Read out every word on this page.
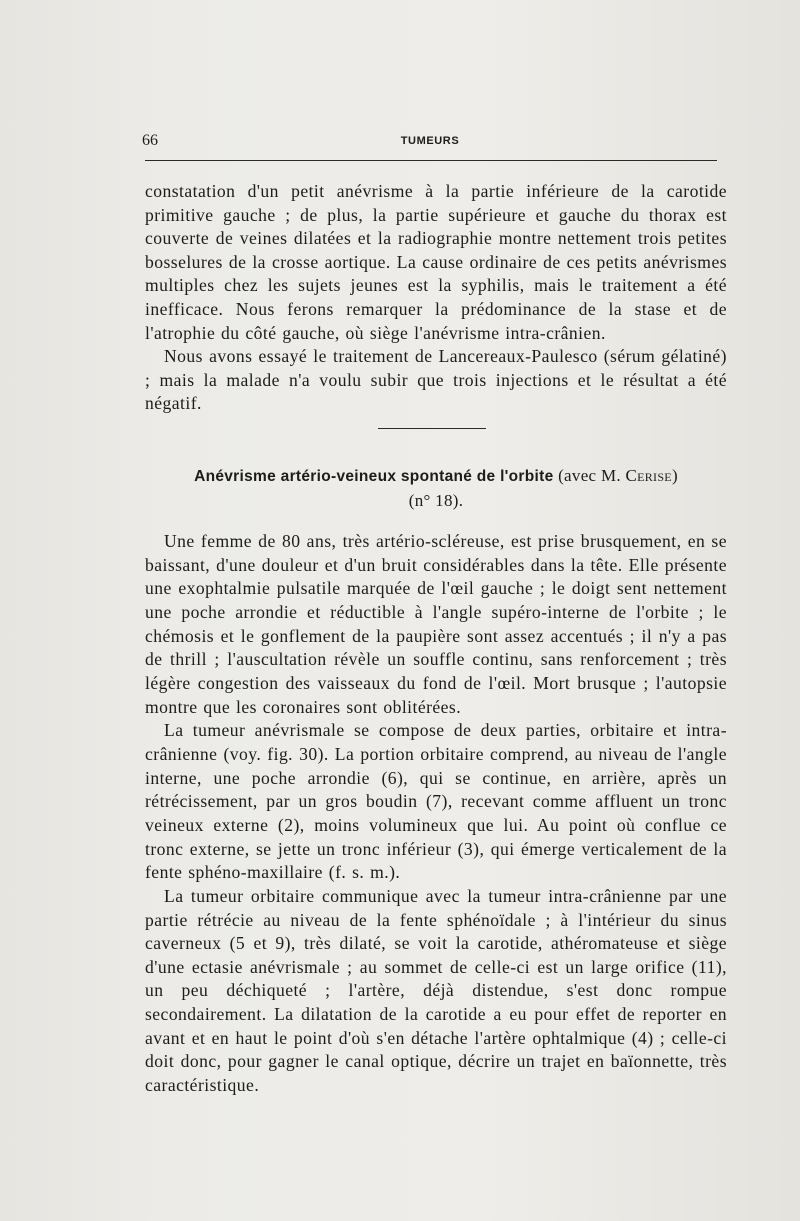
66	TUMEURS

constatation d'un petit anévrisme à la partie inférieure de la carotide primitive gauche ; de plus, la partie supérieure et gauche du thorax est couverte de veines dilatées et la radiographie montre nettement trois petites bosselures de la crosse aortique. La cause ordinaire de ces petits anévrismes multiples chez les sujets jeunes est la syphilis, mais le traitement a été inefficace. Nous ferons remarquer la prédominance de la stase et de l'atrophie du côté gauche, où siège l'anévrisme intra-crânien.

Nous avons essayé le traitement de Lancereaux-Paulesco (sérum gélatiné) ; mais la malade n'a voulu subir que trois injections et le résultat a été négatif.

Anévrisme artério-veineux spontané de l'orbite (avec M. Cerise)
(n° 18).

Une femme de 80 ans, très artério-scléreuse, est prise brusquement, en se baissant, d'une douleur et d'un bruit considérables dans la tête. Elle présente une exophtalmie pulsatile marquée de l'œil gauche ; le doigt sent nettement une poche arrondie et réductible à l'angle supéro-interne de l'orbite ; le chémosis et le gonflement de la paupière sont assez accentués ; il n'y a pas de thrill ; l'auscultation révèle un souffle continu, sans renforcement ; très légère congestion des vaisseaux du fond de l'œil. Mort brusque ; l'autopsie montre que les coronaires sont oblitérées.

La tumeur anévrismale se compose de deux parties, orbitaire et intra-crânienne (voy. fig. 30). La portion orbitaire comprend, au niveau de l'angle interne, une poche arrondie (6), qui se continue, en arrière, après un rétrécissement, par un gros boudin (7), recevant comme affluent un tronc veineux externe (2), moins volumineux que lui. Au point où conflue ce tronc externe, se jette un tronc inférieur (3), qui émerge verticalement de la fente sphéno-maxillaire (f. s. m.).

La tumeur orbitaire communique avec la tumeur intra-crânienne par une partie rétrécie au niveau de la fente sphénoïdale ; à l'intérieur du sinus caverneux (5 et 9), très dilaté, se voit la carotide, athéromateuse et siège d'une ectasie anévrismale ; au sommet de celle-ci est un large orifice (11), un peu déchiqueté ; l'artère, déjà distendue, s'est donc rompue secondairement. La dilatation de la carotide a eu pour effet de reporter en avant et en haut le point d'où s'en détache l'artère ophtalmique (4) ; celle-ci doit donc, pour gagner le canal optique, décrire un trajet en baïonnette, très caractéristique.
